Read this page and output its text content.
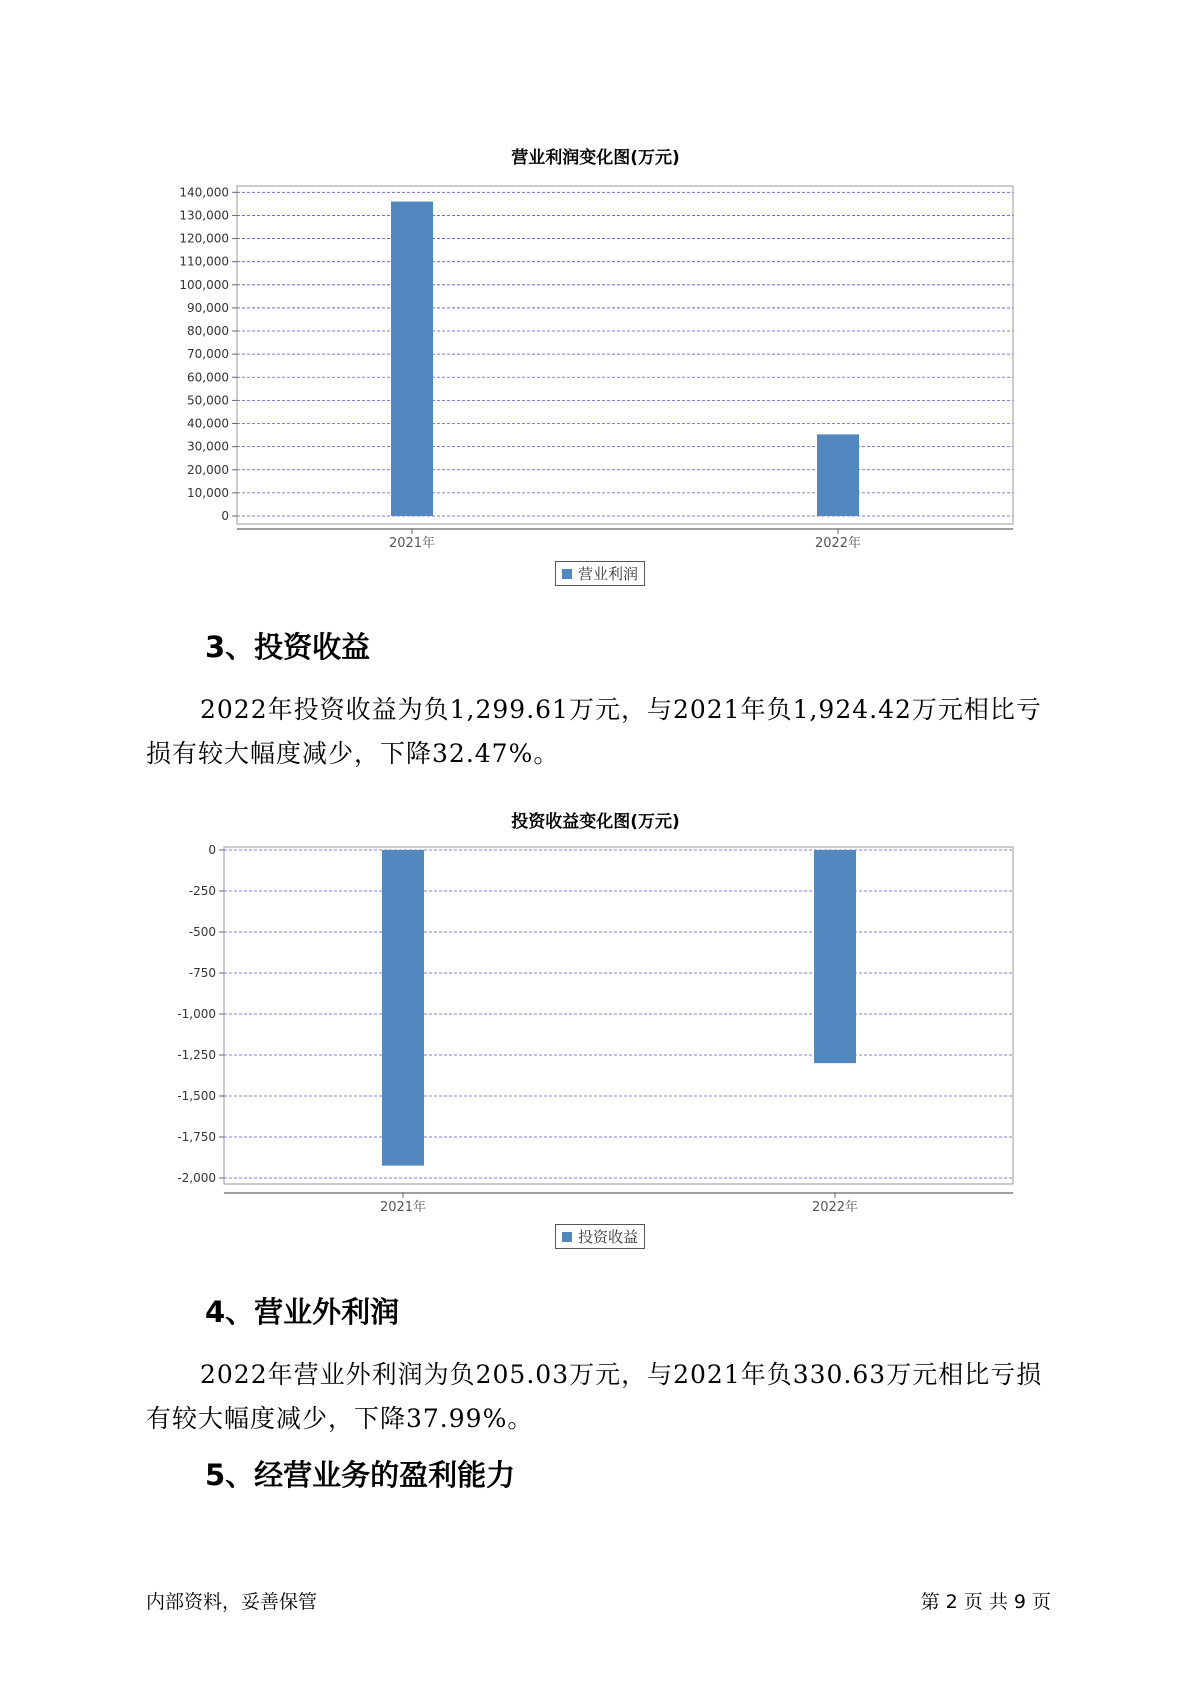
营业利润变化图(万元)
0
10,000
20,000
30,000
40,000
50,000
60,000
70,000
80,000
90,000
100,000
110,000
120,000
130,000
140,000
2021年	2022年
营业利润
3、投资收益
2022年投资收益为负1,299.61万元，与2021年负1,924.42万元相比亏
损有较大幅度减少，下降32.47%。
投资收益变化图(万元)
0
-250
-500
-750
-1,000
-1,250
-1,500
-1,750
-2,000
2021年	2022年
投资收益
4、营业外利润
2022年营业外利润为负205.03万元，与2021年负330.63万元相比亏损
有较大幅度减少，下降37.99%。
5、经营业务的盈利能力
内部资料，妥善保管	第 2 页 共 9 页
